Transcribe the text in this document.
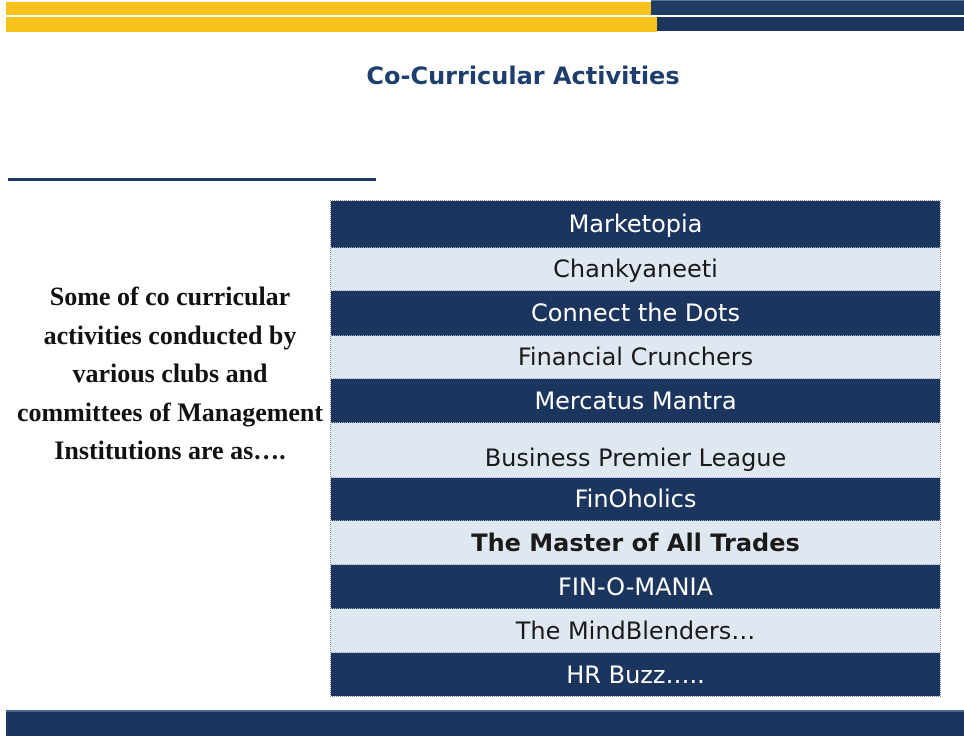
Co-Curricular Activities
Some of co curricular activities conducted by various clubs and committees of Management Institutions are as….
Marketopia
Chankyaneeti
Connect the Dots
Financial Crunchers
Mercatus Mantra
Business Premier League
FinOholics
The Master of All Trades
FIN-O-MANIA
The MindBlenders…
HR Buzz…..
